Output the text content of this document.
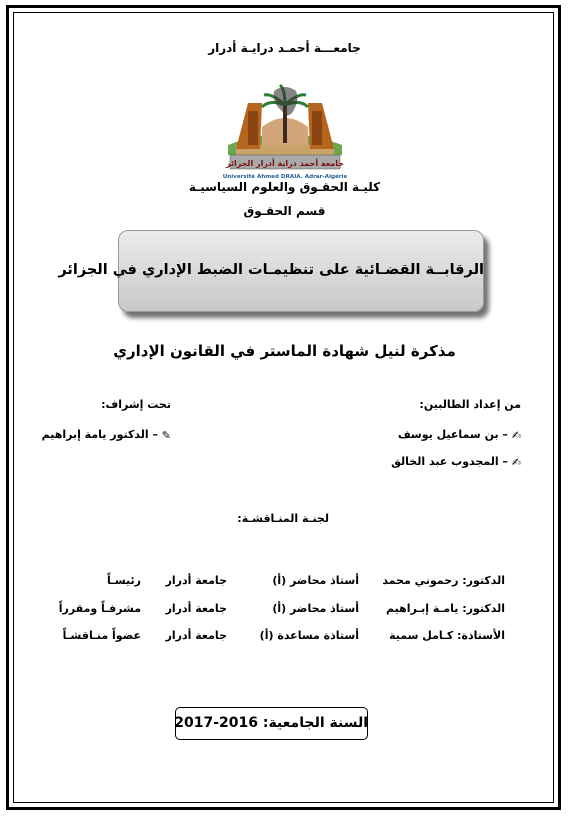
جامعـــة أحمـد درايـة أدرار
جامعة أحمد دراية أدرار الجزائر
Université Ahmed DRAIA. Adrar-Algérie
كليـة الحقـوق والعلوم السياسيـة
قسم الحقـوق
الرقابــة القضـائية على تنظيمـات الضبط الإداري في الجزائر
مذكرة لنيل شهادة الماستر في القانون الإداري
من إعداد الطالبين:
✍ – بن سماعيل يوسف
✍ – المجدوب عبد الخالق
تحت إشراف:
✎ – الدكتور يامة إبراهيم
لجنـة المنـاقشـة:
الدكتور: رحموني محمد
أستاذ محاضر (أ)
جامعة أدرار
رئيسـاً
الدكتور: يامـة إبـراهيم
أستاذ محاضر (أ)
جامعة أدرار
مشرفـاً ومقرراً
الأستاذة: كـامل سمية
أستاذة مساعدة (أ)
جامعة أدرار
عضواً منـاقشـاً
السنة الجامعية: 2016-2017
